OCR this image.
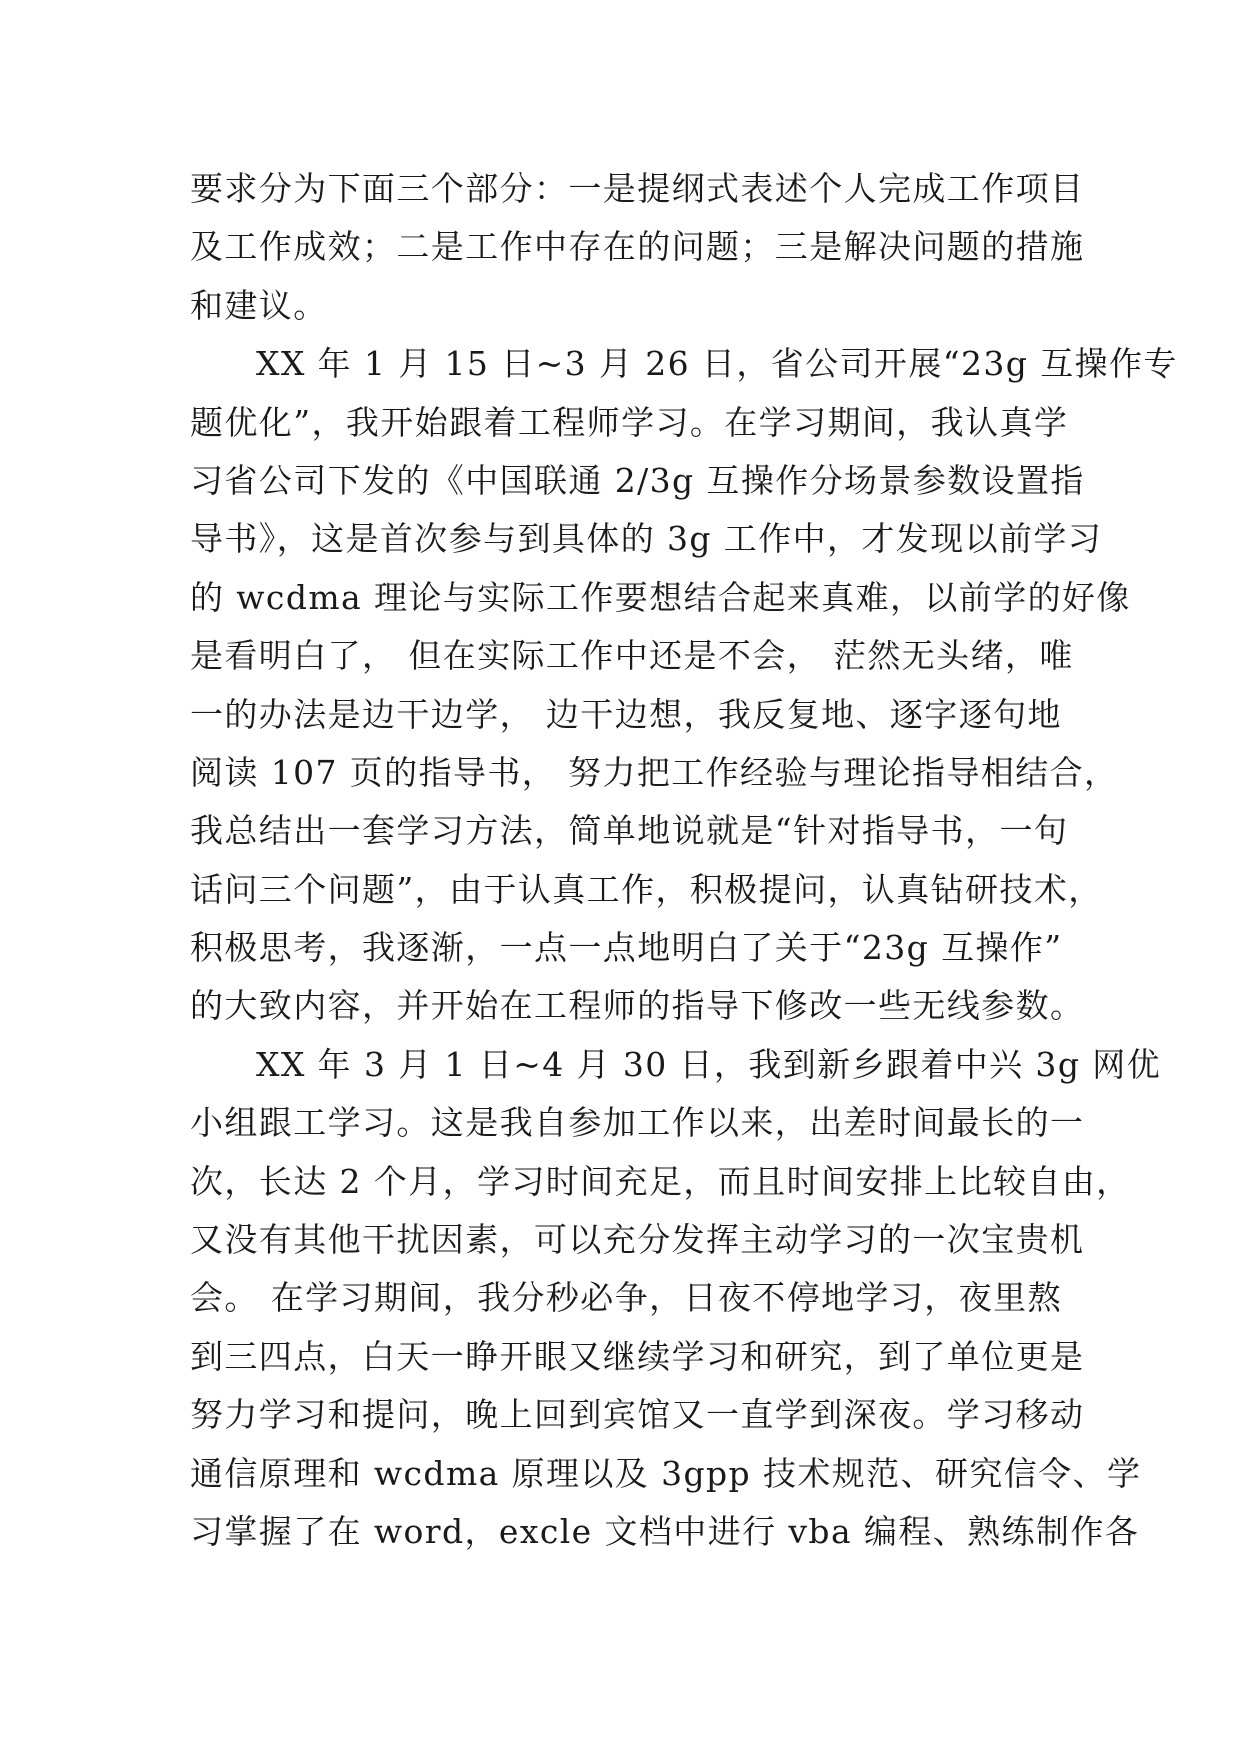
要求分为下面三个部分：一是提纲式表述个人完成工作项目
及工作成效；二是工作中存在的问题；三是解决问题的措施
和建议。
XX 年 1 月 15 日~3 月 26 日，省公司开展“23g 互操作专
题优化”，我开始跟着工程师学习。在学习期间，我认真学
习省公司下发的《中国联通 2/3g 互操作分场景参数设置指
导书》，这是首次参与到具体的 3g 工作中，才发现以前学习
的 wcdma 理论与实际工作要想结合起来真难，以前学的好像
是看明白了， 但在实际工作中还是不会， 茫然无头绪，唯
一的办法是边干边学， 边干边想，我反复地、逐字逐句地
阅读 107 页的指导书， 努力把工作经验与理论指导相结合，
我总结出一套学习方法，简单地说就是“针对指导书，一句
话问三个问题”，由于认真工作，积极提问，认真钻研技术，
积极思考，我逐渐，一点一点地明白了关于“23g 互操作”
的大致内容，并开始在工程师的指导下修改一些无线参数。
XX 年 3 月 1 日~4 月 30 日，我到新乡跟着中兴 3g 网优
小组跟工学习。这是我自参加工作以来，出差时间最长的一
次，长达 2 个月，学习时间充足，而且时间安排上比较自由，
又没有其他干扰因素，可以充分发挥主动学习的一次宝贵机
会。 在学习期间，我分秒必争，日夜不停地学习，夜里熬
到三四点，白天一睁开眼又继续学习和研究，到了单位更是
努力学习和提问，晚上回到宾馆又一直学到深夜。学习移动
通信原理和 wcdma 原理以及 3gpp 技术规范、研究信令、学
习掌握了在 word，excle 文档中进行 vba 编程、熟练制作各
